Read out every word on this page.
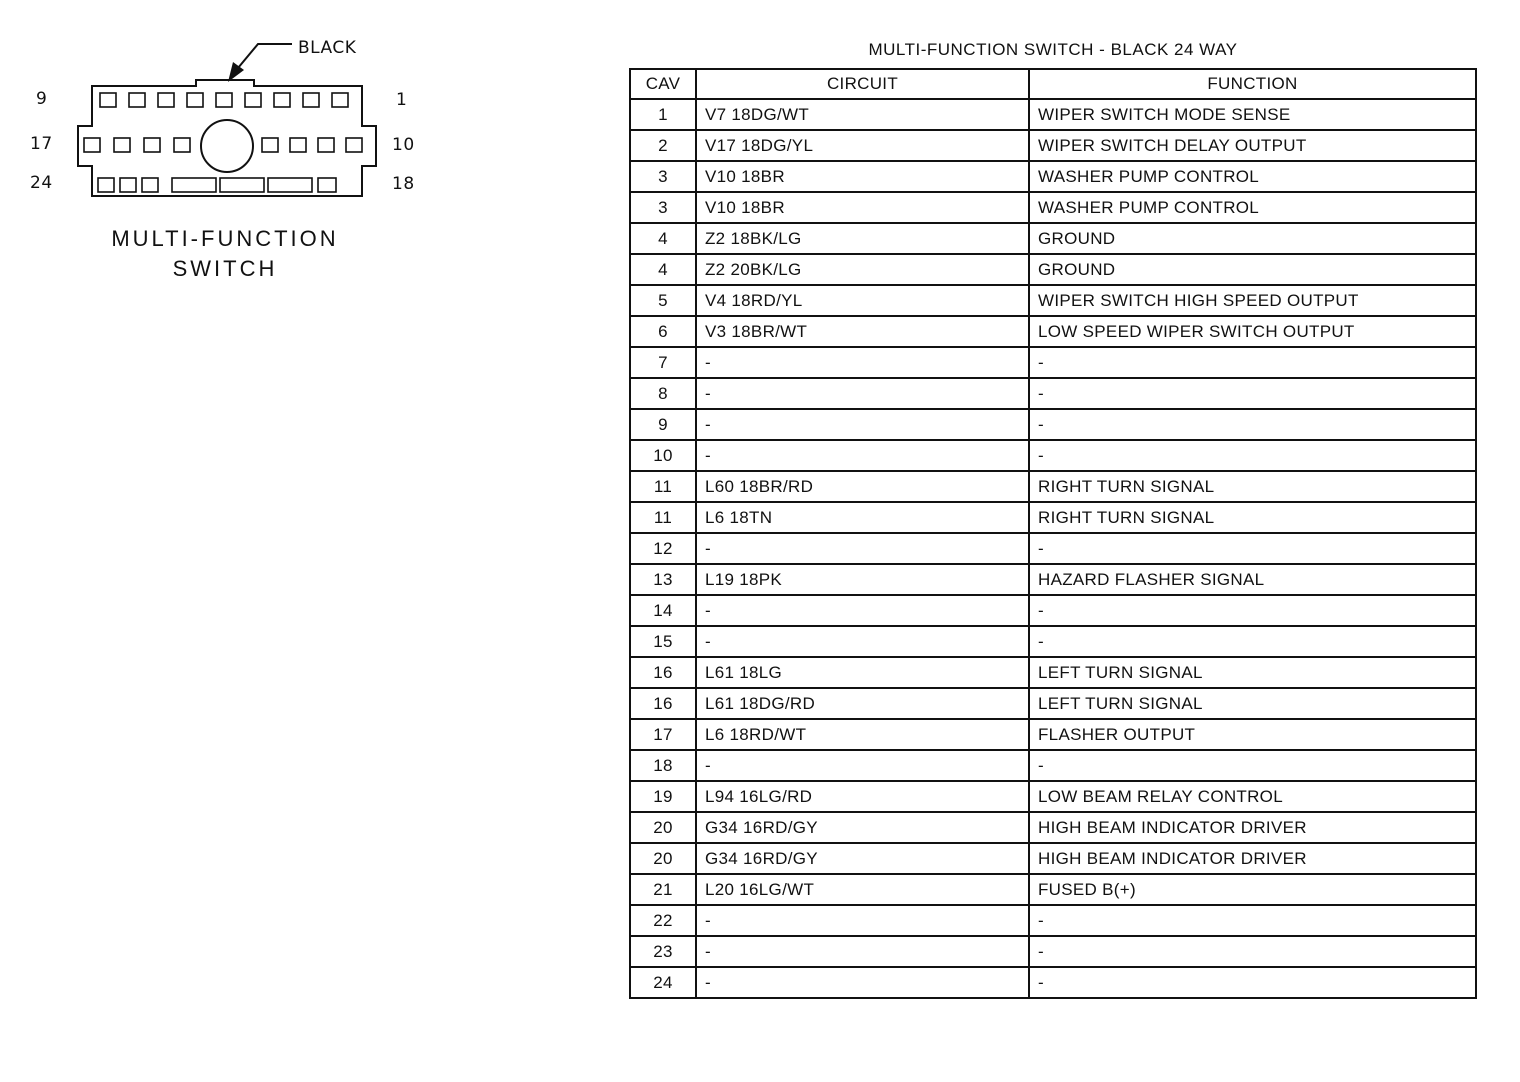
BLACK
9	1
17	10
24	18
MULTI-FUNCTION
SWITCH
MULTI-FUNCTION SWITCH - BLACK 24 WAY
CAV	CIRCUIT	FUNCTION
1	V7 18DG/WT	WIPER SWITCH MODE SENSE
2	V17 18DG/YL	WIPER SWITCH DELAY OUTPUT
3	V10 18BR	WASHER PUMP CONTROL
3	V10 18BR	WASHER PUMP CONTROL
4	Z2 18BK/LG	GROUND
4	Z2 20BK/LG	GROUND
5	V4 18RD/YL	WIPER SWITCH HIGH SPEED OUTPUT
6	V3 18BR/WT	LOW SPEED WIPER SWITCH OUTPUT
7	-	-
8	-	-
9	-	-
10	-	-
11	L60 18BR/RD	RIGHT TURN SIGNAL
11	L6 18TN	RIGHT TURN SIGNAL
12	-	-
13	L19 18PK	HAZARD FLASHER SIGNAL
14	-	-
15	-	-
16	L61 18LG	LEFT TURN SIGNAL
16	L61 18DG/RD	LEFT TURN SIGNAL
17	L6 18RD/WT	FLASHER OUTPUT
18	-	-
19	L94 16LG/RD	LOW BEAM RELAY CONTROL
20	G34 16RD/GY	HIGH BEAM INDICATOR DRIVER
20	G34 16RD/GY	HIGH BEAM INDICATOR DRIVER
21	L20 16LG/WT	FUSED B(+)
22	-	-
23	-	-
24	-	-
